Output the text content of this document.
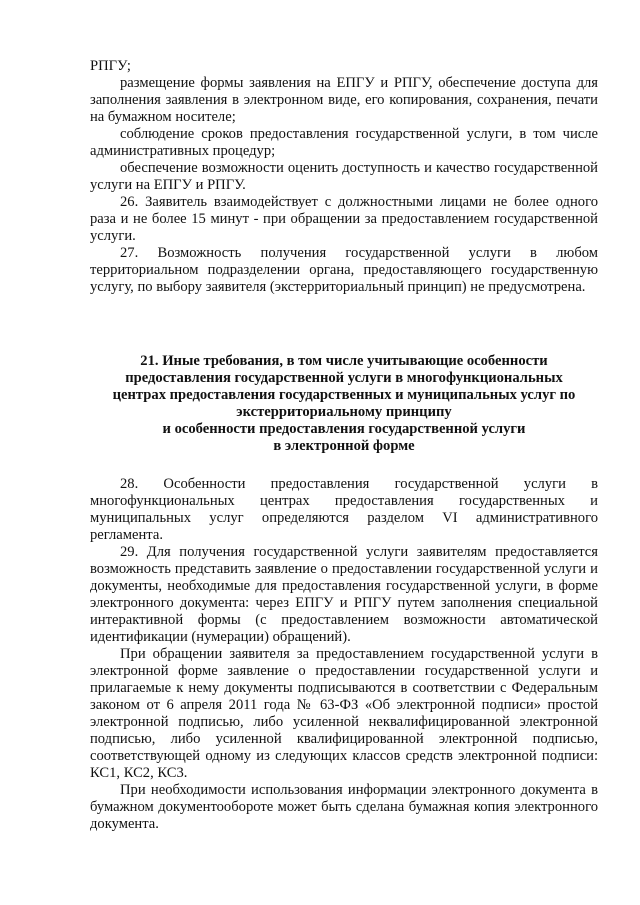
РПГУ;

размещение формы заявления на ЕПГУ и РПГУ, обеспечение доступа для заполнения заявления в электронном виде, его копирования, сохранения, печати на бумажном носителе;

соблюдение сроков предоставления государственной услуги, в том числе административных процедур;

обеспечение возможности оценить доступность и качество государственной услуги на ЕПГУ и РПГУ.

26. Заявитель взаимодействует с должностными лицами не более одного раза и не более 15 минут - при обращении за предоставлением государственной услуги.

27. Возможность получения государственной услуги в любом территориальном подразделении органа, предоставляющего государственную услугу, по выбору заявителя (экстерриториальный принцип) не предусмотрена.

21. Иные требования, в том числе учитывающие особенности
предоставления государственной услуги в многофункциональных
центрах предоставления государственных и муниципальных услуг по
экстерриториальному принципу
и особенности предоставления государственной услуги
в электронной форме

28. Особенности предоставления государственной услуги в многофункциональных центрах предоставления государственных и муниципальных услуг определяются разделом VI административного регламента.

29. Для получения государственной услуги заявителям предоставляется возможность представить заявление о предоставлении государственной услуги и документы, необходимые для предоставления государственной услуги, в форме электронного документа: через ЕПГУ и РПГУ путем заполнения специальной интерактивной формы (с предоставлением возможности автоматической идентификации (нумерации) обращений).

При обращении заявителя за предоставлением государственной услуги в электронной форме заявление о предоставлении государственной услуги и прилагаемые к нему документы подписываются в соответствии с Федеральным законом от 6 апреля 2011 года № 63-ФЗ «Об электронной подписи» простой электронной подписью, либо усиленной неквалифицированной электронной подписью, либо усиленной квалифицированной электронной подписью, соответствующей одному из следующих классов средств электронной подписи: КС1, КС2, КС3.

При необходимости использования информации электронного документа в бумажном документообороте может быть сделана бумажная копия электронного документа.
